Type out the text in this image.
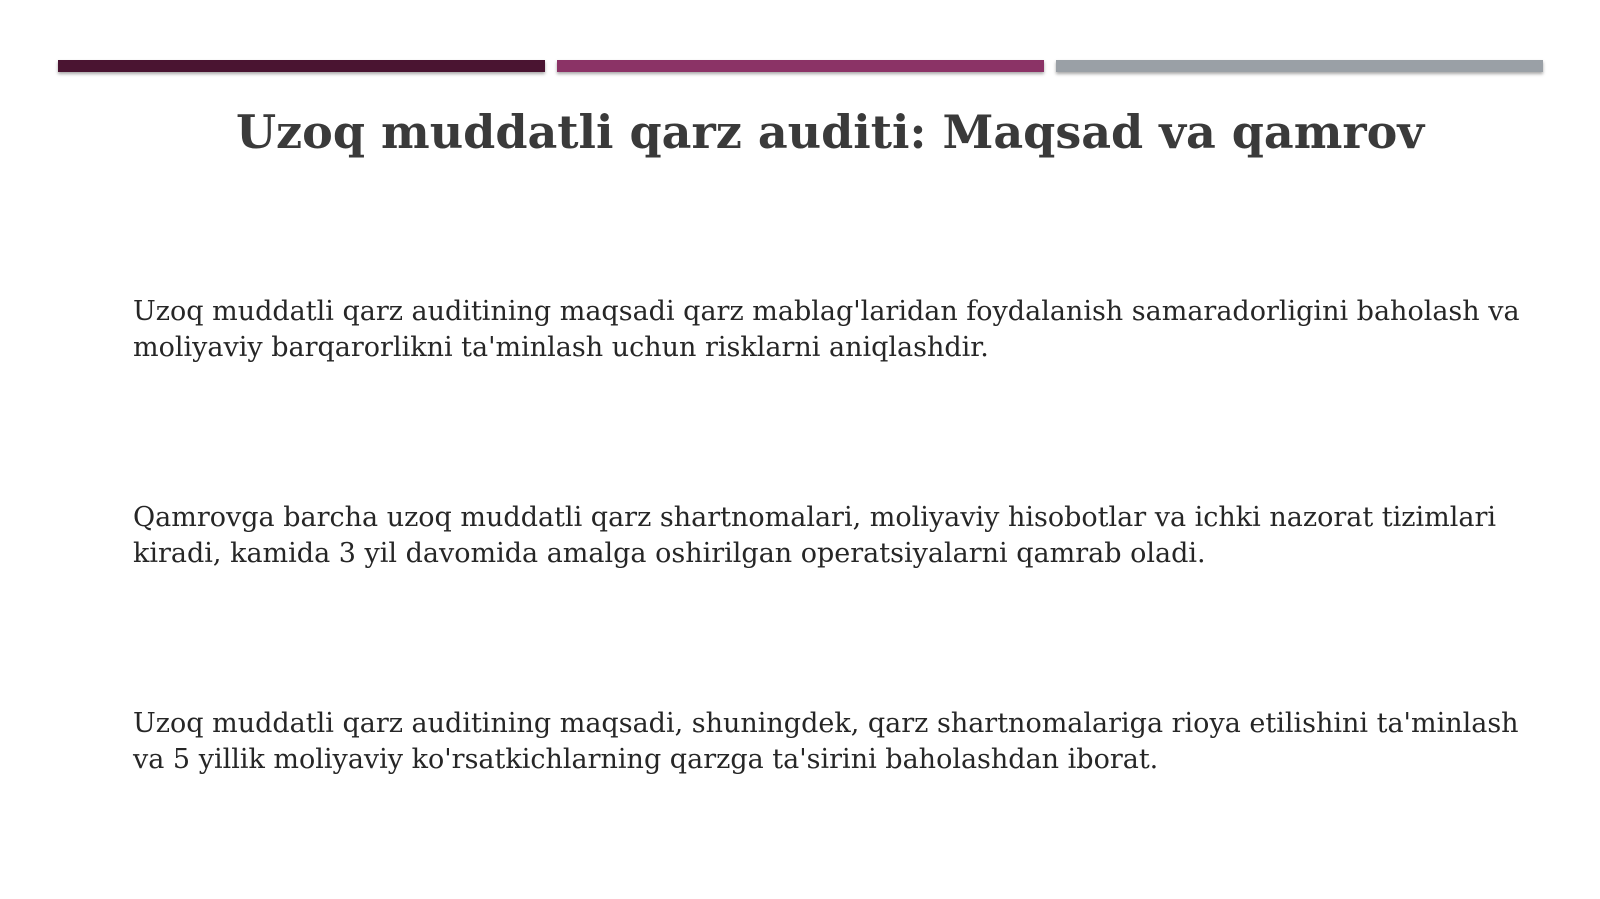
Uzoq muddatli qarz auditi: Maqsad va qamrov

Uzoq muddatli qarz auditining maqsadi qarz mablag'laridan foydalanish samaradorligini baholash va moliyaviy barqarorlikni ta'minlash uchun risklarni aniqlashdir.

Qamrovga barcha uzoq muddatli qarz shartnomalari, moliyaviy hisobotlar va ichki nazorat tizimlari kiradi, kamida 3 yil davomida amalga oshirilgan operatsiyalarni qamrab oladi.

Uzoq muddatli qarz auditining maqsadi, shuningdek, qarz shartnomalariga rioya etilishini ta'minlash va 5 yillik moliyaviy ko'rsatkichlarning qarzga ta'sirini baholashdan iborat.
